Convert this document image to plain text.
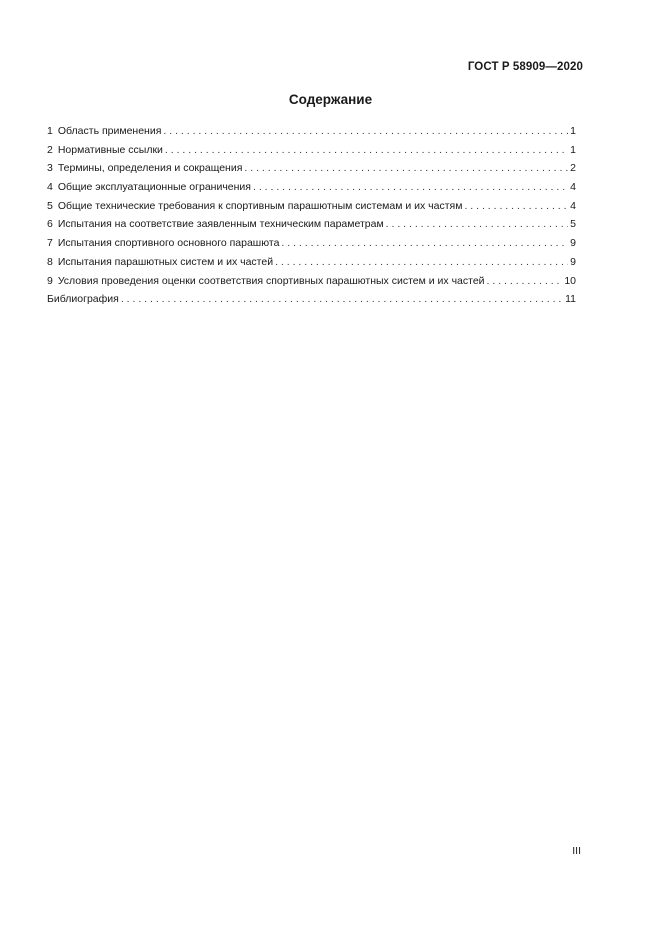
ГОСТ Р 58909—2020
Содержание
1 Область применения . . .	1
2 Нормативные ссылки . . .	1
3 Термины, определения и сокращения . . .	2
4 Общие эксплуатационные ограничения . . .	4
5 Общие технические требования к спортивным парашютным системам и их частям . . .	4
6 Испытания на соответствие заявленным техническим параметрам . . .	5
7 Испытания спортивного основного парашюта . . .	9
8 Испытания парашютных систем и их частей . . .	9
9 Условия проведения оценки соответствия спортивных парашютных систем и их частей . . .	10
Библиография . . .	11
III
